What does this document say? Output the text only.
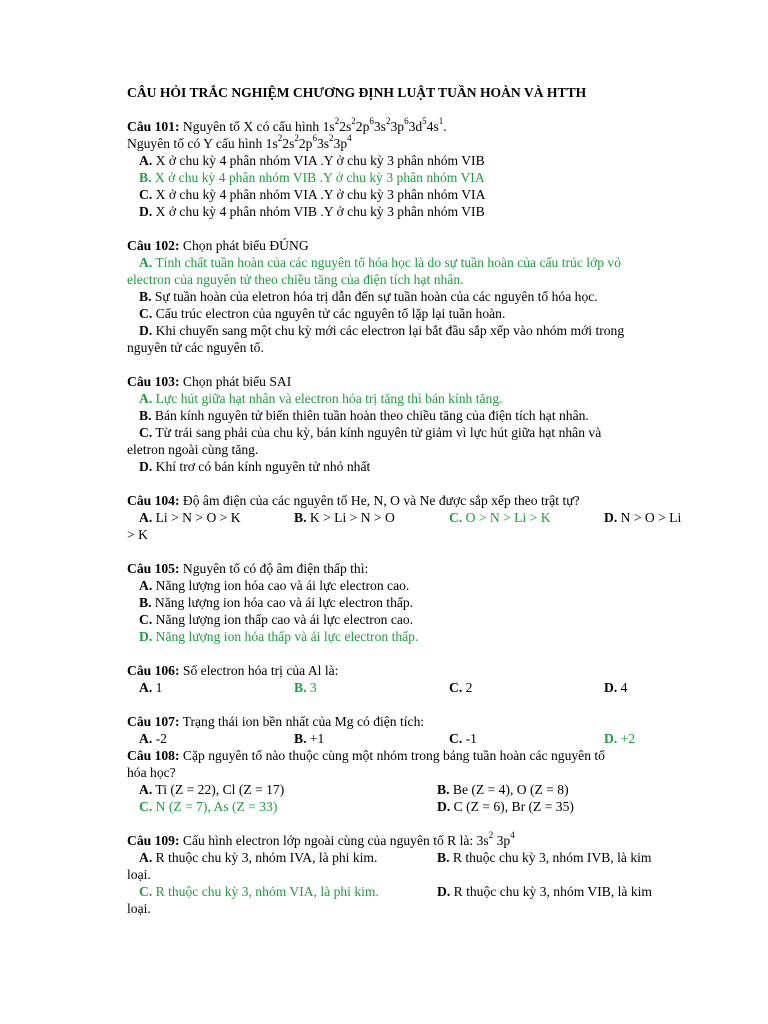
CÂU HỎI TRẮC NGHIỆM CHƯƠNG ĐỊNH LUẬT TUẦN HOÀN VÀ HTTH
Câu 101: Nguyên tố X có cấu hình $1s^22s^22p^63s^23p^63d^54s^1$.
Nguyên tố có Y cấu hình $1s^22s^22p^63s^23p^4$
A. X ở chu kỳ 4 phân nhóm VIA .Y ở chu kỳ 3 phân nhóm VIB
B. X ở chu kỳ 4 phân nhóm VIB .Y ở chu kỳ 3 phân nhóm VIA
C. X ở chu kỳ 4 phân nhóm VIA .Y ở chu kỳ 3 phân nhóm VIA
D. X ở chu kỳ 4 phân nhóm VIB .Y ở chu kỳ 3 phân nhóm VIB
Câu 102: Chọn phát biểu ĐÚNG
A. Tính chất tuần hoàn của các nguyên tố hóa học là do sự tuần hoàn của cấu trúc lớp vỏ
electron của nguyên tử theo chiều tăng của điện tích hạt nhân.
B. Sự tuần hoàn của eletron hóa trị dẫn đến sự tuần hoàn của các nguyên tố hóa học.
C. Cấu trúc electron của nguyên tử các nguyên tố lặp lại tuần hoàn.
D. Khi chuyển sang một chu kỳ mới các electron lại bắt đầu sắp xếp vào nhóm mới trong
nguyên tử các nguyên tố.
Câu 103: Chọn phát biểu SAI
A. Lực hút giữa hạt nhân và electron hóa trị tăng thì bán kính tăng.
B. Bán kính nguyên tử biến thiên tuần hoàn theo chiều tăng của điện tích hạt nhân.
C. Từ trái sang phải của chu kỳ, bán kính nguyên tử giảm vì lực hút giữa hạt nhân và
eletron ngoài cùng tăng.
D. Khí trơ có bán kính nguyên tử nhỏ nhất
Câu 104: Độ âm điện của các nguyên tố He, N, O và Ne được sắp xếp theo trật tự?
A. Li > N > O > K	B. K > Li > N > O	C. O > N > Li > K	D. N > O > Li
> K
Câu 105: Nguyên tố có độ âm điện thấp thì:
A. Năng lượng ion hóa cao và ái lực electron cao.
B. Năng lượng ion hóa cao và ái lực electron thấp.
C. Năng lượng ion thấp cao và ái lực electron cao.
D. Năng lượng ion hóa thấp và ái lực electron thấp.
Câu 106: Số electron hóa trị của Al là:
A. 1	B. 3	C. 2	D. 4
Câu 107: Trạng thái ion bền nhất của Mg có điện tích:
A. -2	B. +1	C. -1	D. +2
Câu 108: Cặp nguyên tố nào thuộc cùng một nhóm trong bảng tuần hoàn các nguyên tố
hóa học?
A. Ti (Z = 22), Cl (Z = 17)	B. Be (Z = 4), O (Z = 8)
C. N (Z = 7), As (Z = 33)	D. C (Z = 6), Br (Z = 35)
Câu 109: Cấu hình electron lớp ngoài cùng của nguyên tố R là: $3s^2$ $3p^4$
A. R thuộc chu kỳ 3, nhóm IVA, là phi kim.	B. R thuộc chu kỳ 3, nhóm IVB, là kim
loại.
C. R thuộc chu kỳ 3, nhóm VIA, là phi kim.	D. R thuộc chu kỳ 3, nhóm VIB, là kim
loại.
